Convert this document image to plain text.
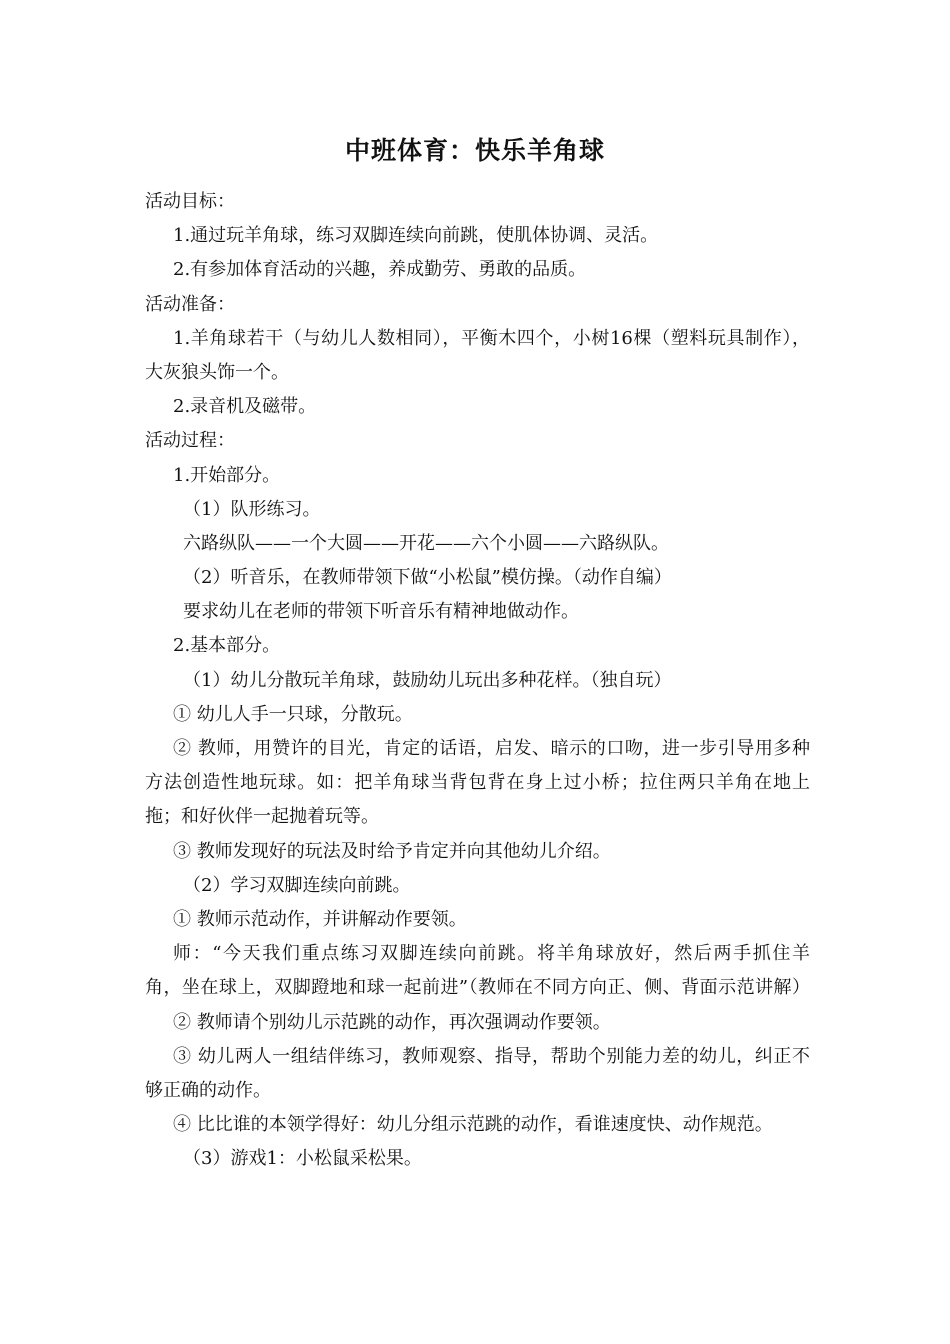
中班体育：快乐羊角球
活动目标：
1.通过玩羊角球，练习双脚连续向前跳，使肌体协调、灵活。
2.有参加体育活动的兴趣，养成勤劳、勇敢的品质。
活动准备：
1.羊角球若干（与幼儿人数相同），平衡木四个，小树16棵（塑料玩具制作），
大灰狼头饰一个。
2.录音机及磁带。
活动过程：
1.开始部分。
（1）队形练习。
六路纵队——一个大圆——开花——六个小圆——六路纵队。
（2）听音乐，在教师带领下做“小松鼠”模仿操。（动作自编）
要求幼儿在老师的带领下听音乐有精神地做动作。
2.基本部分。
（1）幼儿分散玩羊角球，鼓励幼儿玩出多种花样。（独自玩）
① 幼儿人手一只球，分散玩。
② 教师，用赞许的目光，肯定的话语，启发、暗示的口吻，进一步引导用多种
方法创造性地玩球。如：把羊角球当背包背在身上过小桥；拉住两只羊角在地上
拖；和好伙伴一起抛着玩等。
③ 教师发现好的玩法及时给予肯定并向其他幼儿介绍。
（2）学习双脚连续向前跳。
① 教师示范动作，并讲解动作要领。
师：“今天我们重点练习双脚连续向前跳。将羊角球放好，然后两手抓住羊
角，坐在球上，双脚蹬地和球一起前进”（教师在不同方向正、侧、背面示范讲解）
② 教师请个别幼儿示范跳的动作，再次强调动作要领。
③ 幼儿两人一组结伴练习，教师观察、指导，帮助个别能力差的幼儿，纠正不
够正确的动作。
④ 比比谁的本领学得好：幼儿分组示范跳的动作，看谁速度快、动作规范。
（3）游戏1：小松鼠采松果。
